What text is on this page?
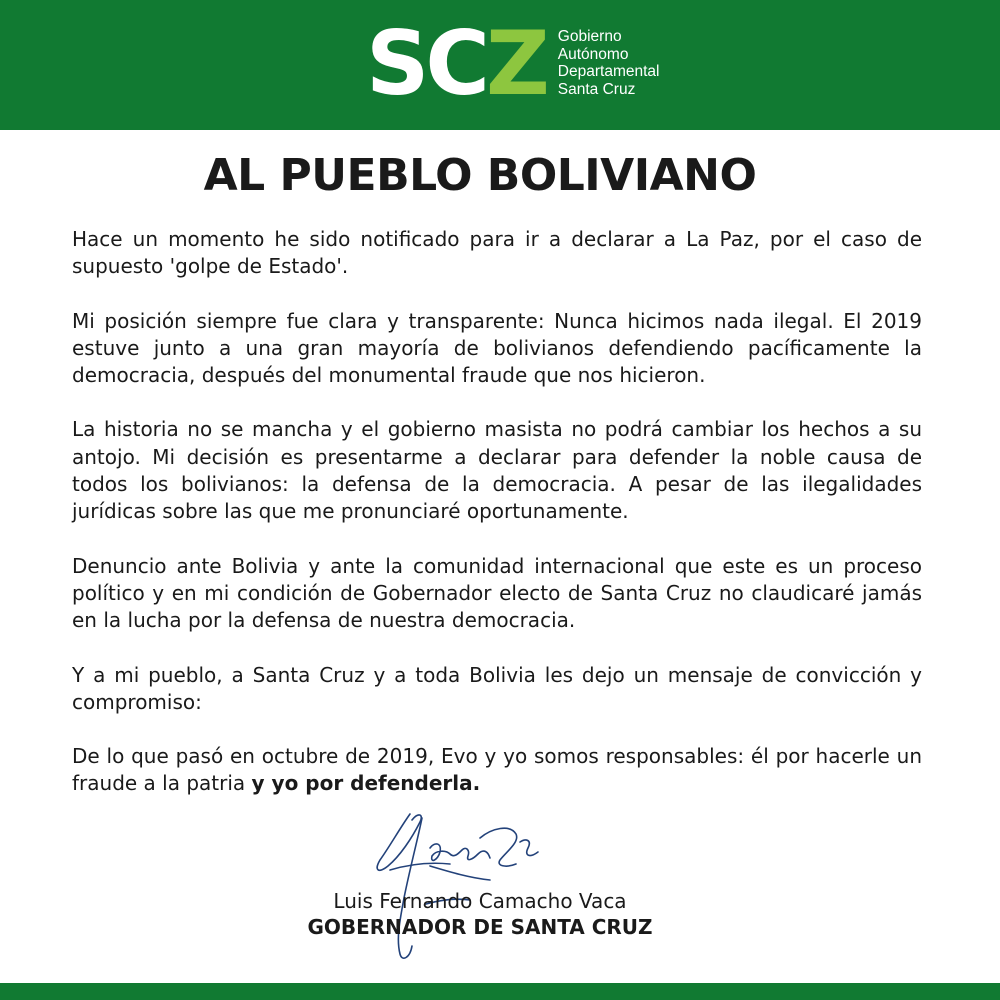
S C Z Gobierno
Autónomo
Departamental
Santa Cruz
AL PUEBLO BOLIVIANO

Hace un momento he sido notificado para ir a declarar a La Paz, por el caso de supuesto 'golpe de Estado'.

Mi posición siempre fue clara y transparente: Nunca hicimos nada ilegal. El 2019 estuve junto a una gran mayoría de bolivianos defendiendo pacíficamente la democracia, después del monumental fraude que nos hicieron.

La historia no se mancha y el gobierno masista no podrá cambiar los hechos a su antojo. Mi decisión es presentarme a declarar para defender la noble causa de todos los bolivianos: la defensa de la democracia. A pesar de las ilegalidades jurídicas sobre las que me pronunciaré oportunamente.

Denuncio ante Bolivia y ante la comunidad internacional que este es un proceso político y en mi condición de Gobernador electo de Santa Cruz no claudicaré jamás en la lucha por la defensa de nuestra democracia.

Y a mi pueblo, a Santa Cruz y a toda Bolivia les dejo un mensaje de convicción y compromiso:

De lo que pasó en octubre de 2019, Evo y yo somos responsables: él por hacerle un fraude a la patria y yo por defenderla.

Luis Fernando Camacho Vaca
GOBERNADOR DE SANTA CRUZ
